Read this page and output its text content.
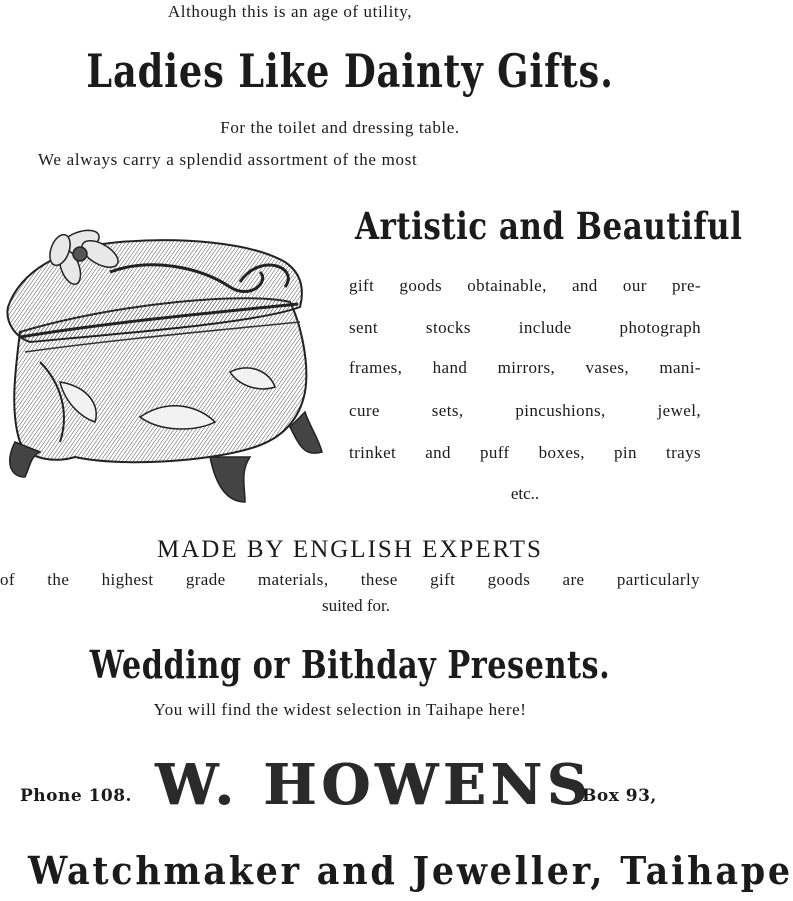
Although this is an age of utility,
Ladies Like Dainty Gifts.
For the toilet and dressing table.
We always carry a splendid assortment of the most
Artistic and Beautiful
gift goods obtainable, and our pre-
sent stocks include photograph
frames, hand mirrors, vases, mani-
cure sets, pincushions, jewel,
trinket and puff boxes, pin trays
etc..
MADE BY ENGLISH EXPERTS
of the highest grade materials, these gift goods are particularly
suited for.
Wedding or Bithday Presents.
You will find the widest selection in Taihape here!
Phone 108. W. HOWENS
Box 93,
Watchmaker and Jeweller, Taihape
